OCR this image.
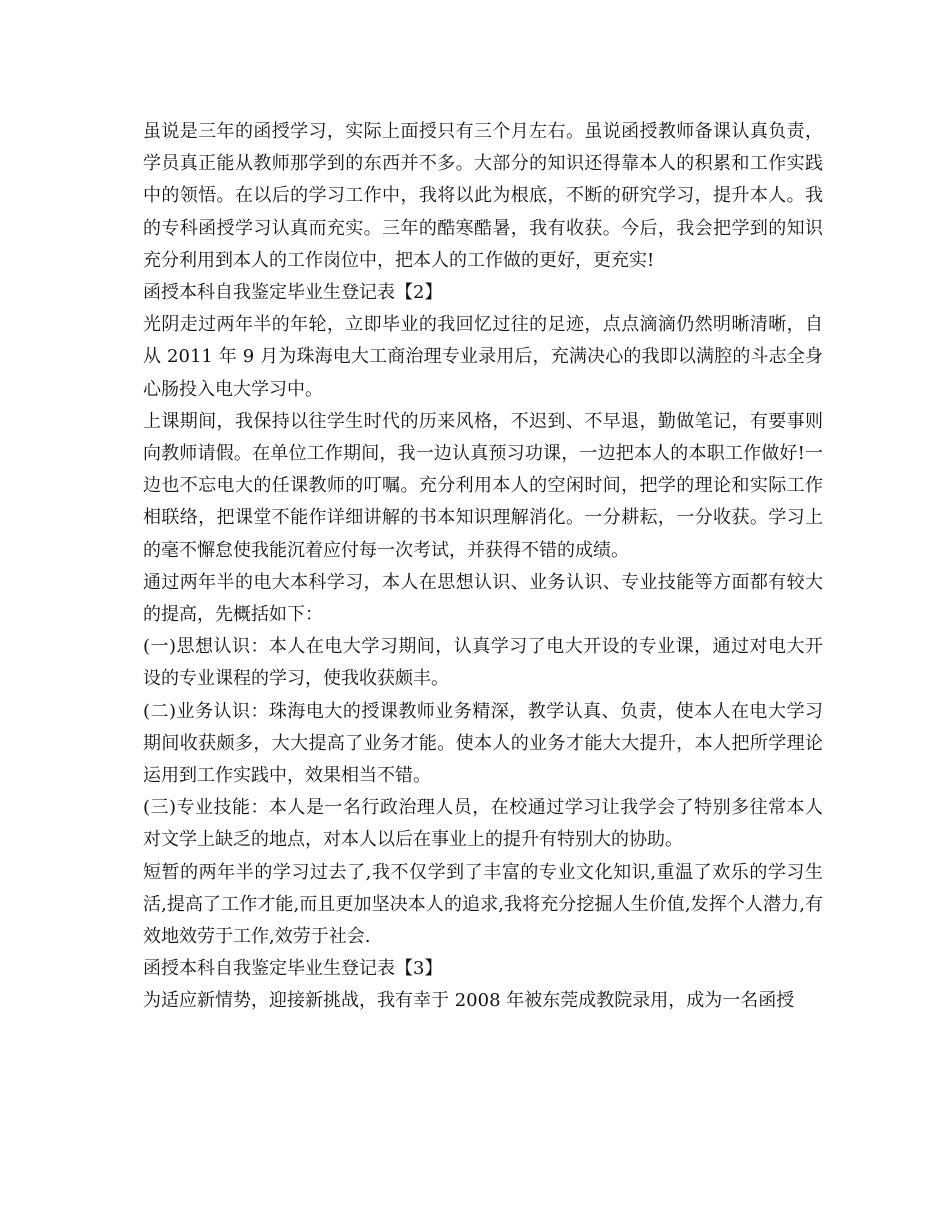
虽说是三年的函授学习，实际上面授只有三个月左右。虽说函授教师备课认真负责，学员真正能从教师那学到的东西并不多。大部分的知识还得靠本人的积累和工作实践中的领悟。在以后的学习工作中，我将以此为根底，不断的研究学习，提升本人。我的专科函授学习认真而充实。三年的酷寒酷暑，我有收获。今后，我会把学到的知识充分利用到本人的工作岗位中，把本人的工作做的更好，更充实!

函授本科自我鉴定毕业生登记表【2】

光阴走过两年半的年轮，立即毕业的我回忆过往的足迹，点点滴滴仍然明晰清晰，自从 2011 年 9 月为珠海电大工商治理专业录用后，充满决心的我即以满腔的斗志全身心肠投入电大学习中。

上课期间，我保持以往学生时代的历来风格，不迟到、不早退，勤做笔记，有要事则向教师请假。在单位工作期间，我一边认真预习功课，一边把本人的本职工作做好!一边也不忘电大的任课教师的叮嘱。充分利用本人的空闲时间，把学的理论和实际工作相联络，把课堂不能作详细讲解的书本知识理解消化。一分耕耘，一分收获。学习上的毫不懈怠使我能沉着应付每一次考试，并获得不错的成绩。

通过两年半的电大本科学习，本人在思想认识、业务认识、专业技能等方面都有较大的提高，先概括如下：

(一)思想认识：本人在电大学习期间，认真学习了电大开设的专业课，通过对电大开设的专业课程的学习，使我收获颇丰。

(二)业务认识：珠海电大的授课教师业务精深，教学认真、负责，使本人在电大学习期间收获颇多，大大提高了业务才能。使本人的业务才能大大提升，本人把所学理论运用到工作实践中，效果相当不错。

(三)专业技能：本人是一名行政治理人员，在校通过学习让我学会了特别多往常本人对文学上缺乏的地点，对本人以后在事业上的提升有特别大的协助。

短暂的两年半的学习过去了,我不仅学到了丰富的专业文化知识,重温了欢乐的学习生活,提高了工作才能,而且更加坚决本人的追求,我将充分挖掘人生价值,发挥个人潜力,有效地效劳于工作,效劳于社会.

函授本科自我鉴定毕业生登记表【3】

为适应新情势，迎接新挑战，我有幸于 2008 年被东莞成教院录用，成为一名函授
